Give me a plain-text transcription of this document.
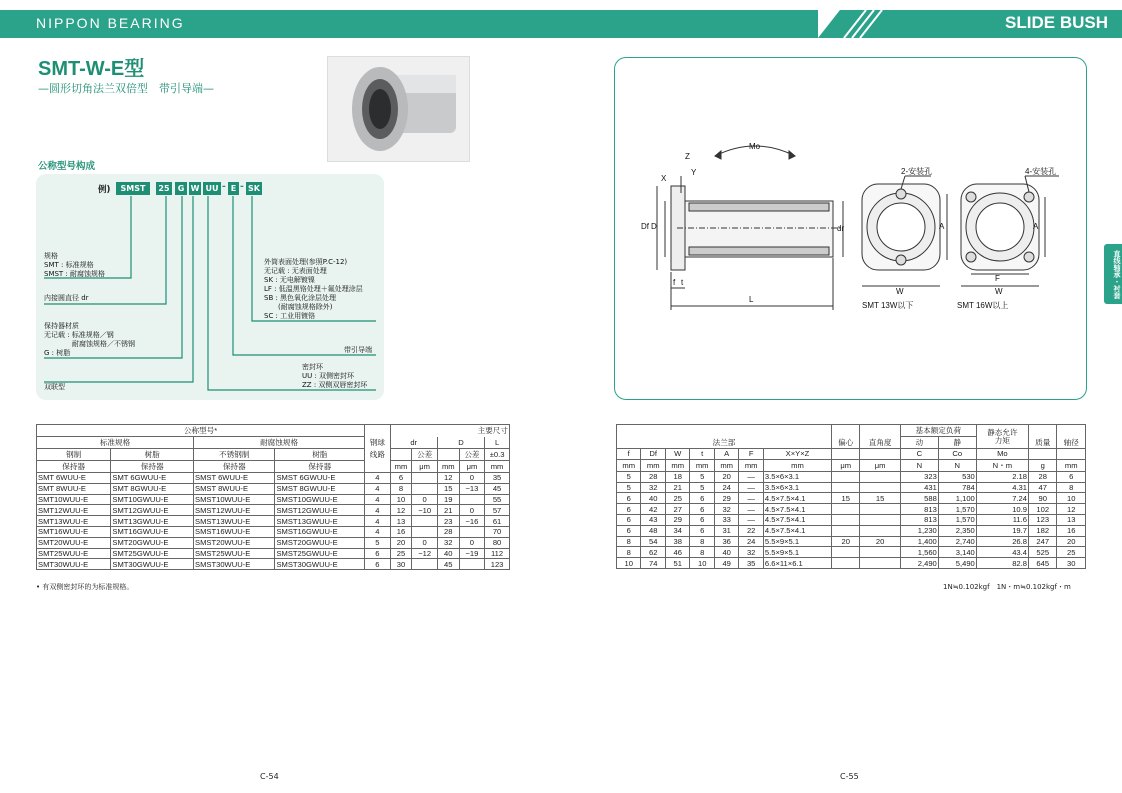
NIPPON BEARING	SLIDE BUSH
SMT-W-E型
—圆形切角法兰双倍型　带引导端—
公称型号构成
例)	SMST	25	G W UU - E - SK
规格
SMT : 标准规格
SMST : 耐腐蚀规格
内接圆直径 dr
保持器材质
无记载 : 标准规格／钢
　　　　耐腐蚀规格／不锈钢
G : 树脂
双联型
外筒表面处理(参照P.C-12)
无记载 : 无表面处理
SK : 无电解镀镍
LF : 低温黑铬处理＋氟处理涂层
SB : 黑色氧化涂层处理
　　(耐腐蚀规格除外)
SC : 工业用镀铬
带引导端
密封环
UU : 双侧密封环
ZZ : 双侧双唇密封环
公称型号*					主要尺寸				
标准规格		耐腐蚀规格		钢球	dr		D		L
钢制	树脂	不锈钢制	树脂	线路		公差		公差	±0.3
保持器	保持器	保持器	保持器		mm	μm	mm	μm	mm
SMT 6WUU-E	SMT 6GWUU-E	SMST 6WUU-E	SMST 6GWUU-E	4	6		12	0	35
SMT 8WUU-E	SMT 8GWUU-E	SMST 8WUU-E	SMST 8GWUU-E	4	8		15	−13	45
SMT10WUU-E	SMT10GWUU-E	SMST10WUU-E	SMST10GWUU-E	4	10	0	19		55
SMT12WUU-E	SMT12GWUU-E	SMST12WUU-E	SMST12GWUU-E	4	12	−10	21	0	57
SMT13WUU-E	SMT13GWUU-E	SMST13WUU-E	SMST13GWUU-E	4	13		23	−16	61
SMT16WUU-E	SMT16GWUU-E	SMST16WUU-E	SMST16GWUU-E	4	16		28		70
SMT20WUU-E	SMT20GWUU-E	SMST20WUU-E	SMST20GWUU-E	5	20	0	32	0	80
SMT25WUU-E	SMT25GWUU-E	SMST25WUU-E	SMST25GWUU-E	6	25	−12	40	−19	112
SMT30WUU-E	SMT30GWUU-E	SMST30WUU-E	SMST30GWUU-E	6	30		45		123
• 有双侧密封环的为标准规格。
Mo
2-安装孔	4-安装孔
SMT 13W以下	SMT 16W以上
L
W	W
F
A	A
dr
Df D
f t
Z
X
Y
直线轴承・衬套
									基本额定负荷		静态允许
力矩		
法兰部							偏心	直角度	动	静		质量	轴径
f	Df	W	t	A	F	X×Y×Z			C	Co	Mo		
mm	mm	mm	mm	mm	mm	mm	μm	μm	N	N	N・m	g	mm
5	28	18	5	20	—	3.5×6×3.1			323	530	2.18	28	6
5	32	21	5	24	—	3.5×6×3.1			431	784	4.31	47	8
6	40	25	6	29	—	4.5×7.5×4.1	15	15	588	1,100	7.24	90	10
6	42	27	6	32	—	4.5×7.5×4.1			813	1,570	10.9	102	12
6	43	29	6	33	—	4.5×7.5×4.1			813	1,570	11.6	123	13
6	48	34	6	31	22	4.5×7.5×4.1			1,230	2,350	19.7	182	16
8	54	38	8	36	24	5.5×9×5.1	20	20	1,400	2,740	26.8	247	20
8	62	46	8	40	32	5.5×9×5.1			1,560	3,140	43.4	525	25
10	74	51	10	49	35	6.6×11×6.1			2,490	5,490	82.8	645	30
1N≒0.102kgf　1N・m≒0.102kgf・m
C-54	C-55
